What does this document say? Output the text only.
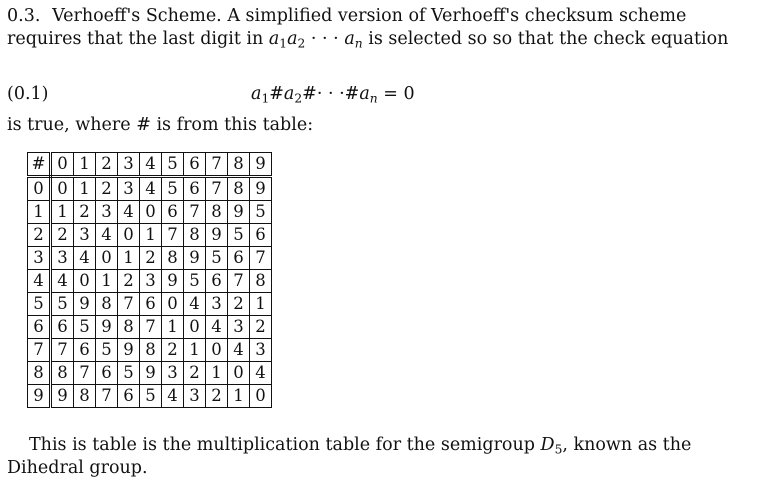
0.3. Verhoeff's Scheme. A simplified version of Verhoeff's checksum scheme
requires that the last digit in $a_1a_2$ · · · $a_n$ is selected so so that the check equation
(0.1)	$a_1\#a_2\#\cdot$ · $\cdot\#a_n = 0$
is true, where # is from this table:
#	0	1	2	3	4	5	6	7	8	9
0	0	1	2	3	4	5	6	7	8	9
1	1	2	3	4	0	6	7	8	9	5
2	2	3	4	0	1	7	8	9	5	6
3	3	4	0	1	2	8	9	5	6	7
4	4	0	1	2	3	9	5	6	7	8
5	5	9	8	7	6	0	4	3	2	1
6	6	5	9	8	7	1	0	4	3	2
7	7	6	5	9	8	2	1	0	4	3
8	8	7	6	5	9	3	2	1	0	4
9	9	8	7	6	5	4	3	2	1	0
This is table is the multiplication table for the semigroup $D_5$, known as the
Dihedral group.
